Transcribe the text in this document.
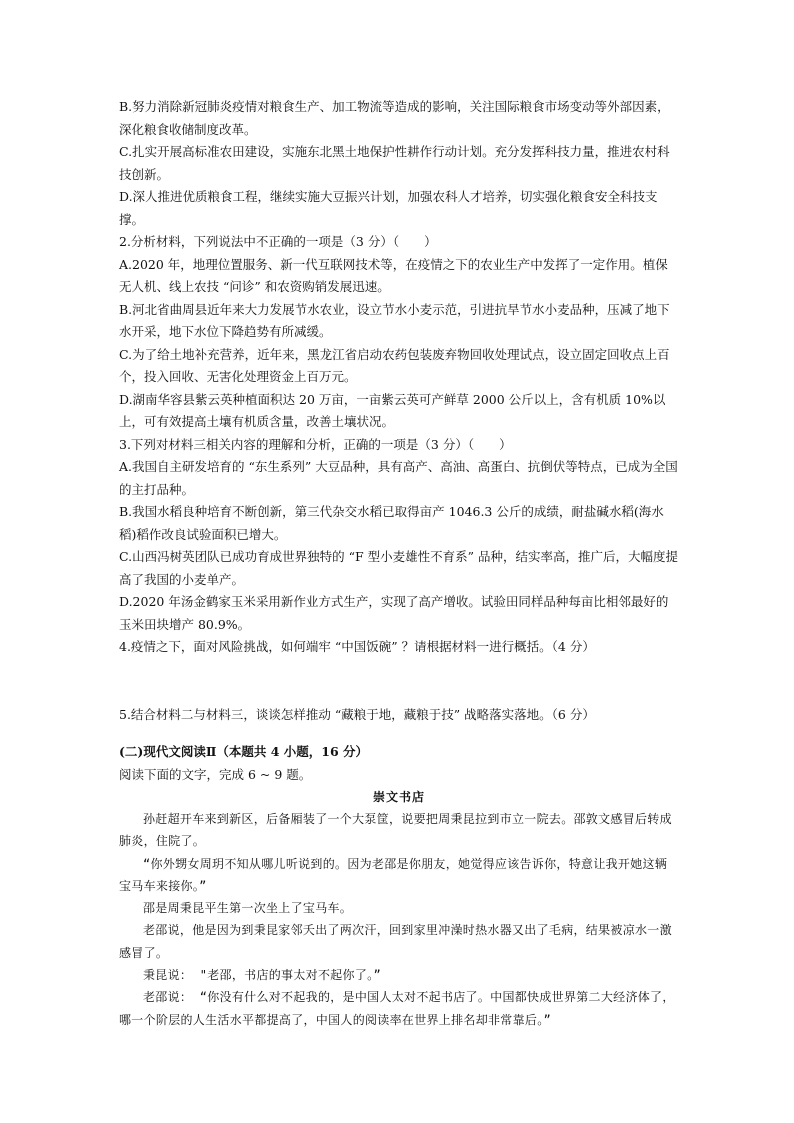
B.努力消除新冠肺炎疫情对粮食生产、加工物流等造成的影响，关注国际粮食市场变动等外部因素，深化粮食收储制度改革。

C.扎实开展高标准农田建设，实施东北黑土地保护性耕作行动计划。充分发挥科技力量，推进农村科技创新。

D.深人推进优质粮食工程，继续实施大豆振兴计划，加强农科人才培养，切实强化粮食安全科技支撑。

2.分析材料，下列说法中不正确的一项是（3 分）（　　）

A.2020 年，地理位置服务、新一代互联网技术等，在疫情之下的农业生产中发挥了一定作用。植保无人机、线上农技 “问诊” 和农资购销发展迅速。

B.河北省曲周县近年来大力发展节水农业，设立节水小麦示范，引进抗旱节水小麦品种，压减了地下水开采，地下水位下降趋势有所减缓。

C.为了给土地补充营养，近年来，黑龙江省启动农药包装废弃物回收处理试点，设立固定回收点上百个，投入回收、无害化处理资金上百万元。

D.湖南华容县紫云英种植面积达 20 万亩，一亩紫云英可产鲜草 2000 公斤以上，含有机质 10%以上，可有效提高土壤有机质含量，改善土壤状况。

3.下列对材料三相关内容的理解和分析，正确的一项是（3 分）（　　）

A.我国自主研发培育的 “东生系列” 大豆品种，具有高产、高油、高蛋白、抗倒伏等特点，已成为全国的主打品种。

B.我国水稻良种培育不断创新，第三代杂交水稻已取得亩产 1046.3 公斤的成绩，耐盐碱水稻(海水稻)稻作改良试验面积已增大。

C.山西冯树英团队已成功育成世界独特的 “F 型小麦雄性不育系” 品种，结实率高，推广后，大幅度提高了我国的小麦单产。

D.2020 年汤金鹤家玉米采用新作业方式生产，实现了高产增收。试验田同样品种每亩比相邻最好的玉米田块增产 80.9%。

4.疫情之下，面对风险挑战，如何端牢 “中国饭碗” ？请根据材料一进行概括。（4 分）

5.结合材料二与材料三，谈谈怎样推动 “藏粮于地，藏粮于技” 战略落实落地。（6 分）

(二)现代文阅读Ⅱ（本题共 4 小题，16 分）

阅读下面的文字，完成 6 ~ 9 题。

崇文书店

孙赶超开车来到新区，后备厢装了一个大泵筐，说要把周秉昆拉到市立一院去。邵敦文感冒后转成肺炎，住院了。

“你外甥女周玥不知从哪儿听说到的。因为老邵是你朋友，她觉得应该告诉你，特意让我开她这辆宝马车来接你。”

邵是周秉昆平生第一次坐上了宝马车。

老邵说，他是因为到秉昆家邻夭出了两次汗，回到家里冲澡时热水器又出了毛病，结果被凉水一激感冒了。

秉昆说： "老邵，书店的事太对不起你了。”

老邵说： “你没有什么对不起我的，是中国人太对不起书店了。中国都快成世界第二大经济体了，哪一个阶层的人生活水平都提高了，中国人的阅读率在世界上排名却非常靠后。”
